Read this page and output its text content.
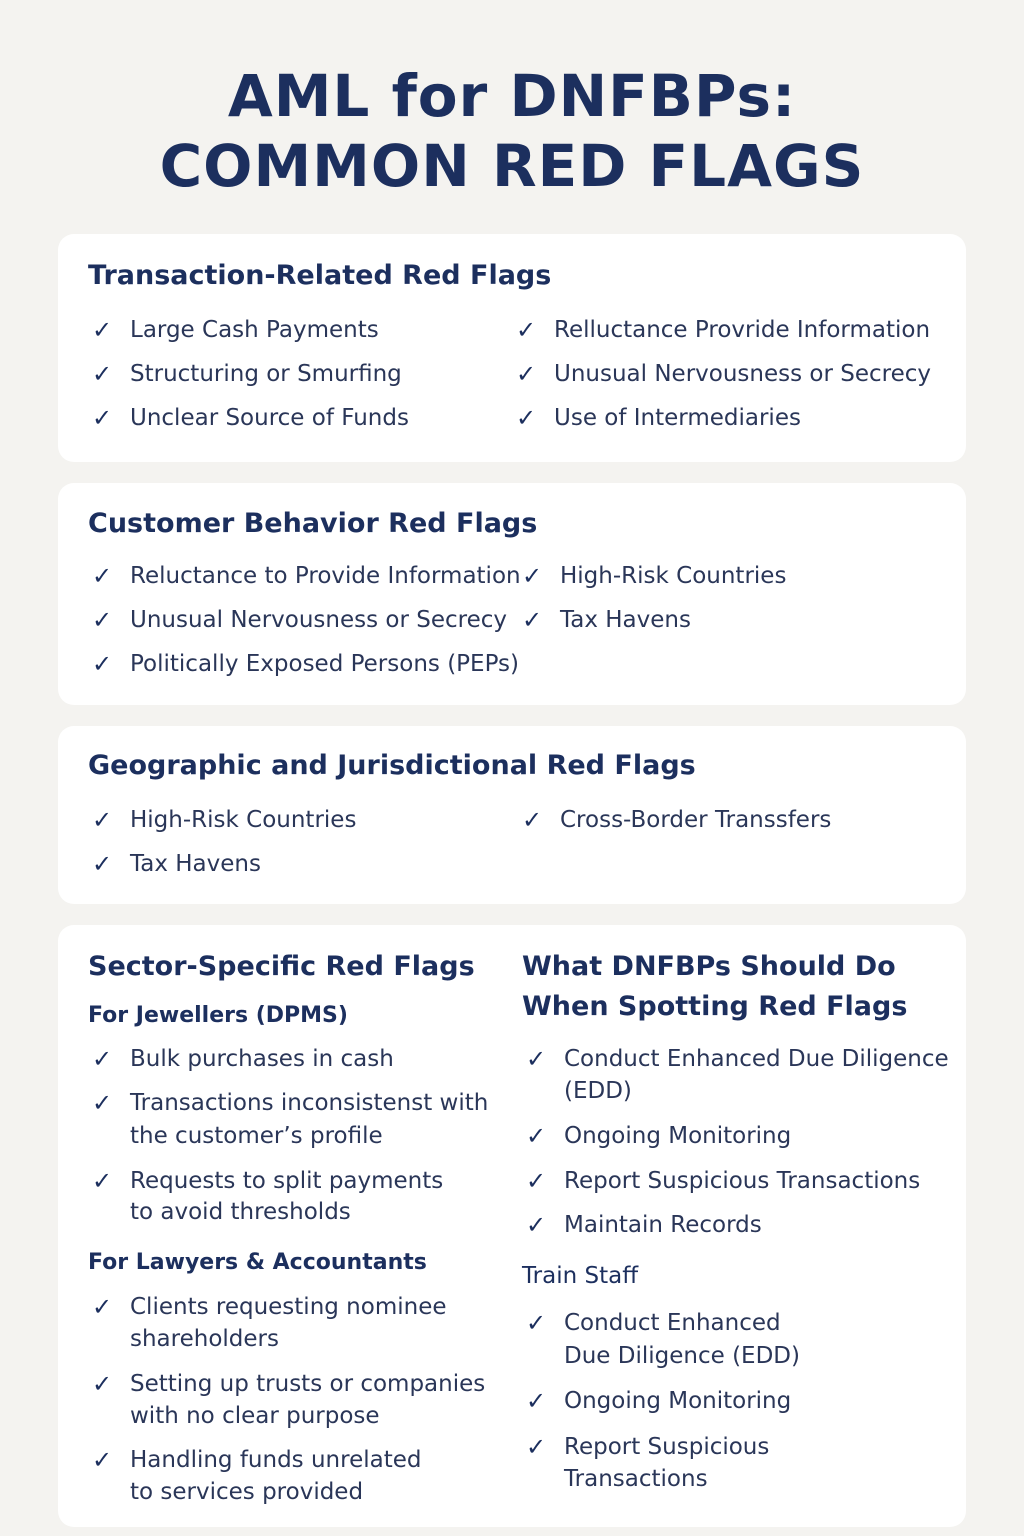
AML for DNFBPs:
COMMON RED FLAGS
Transaction-Related Red Flags
✓ Large Cash Payments
✓ Structuring or Smurfing
✓ Unclear Source of Funds
✓ Relluctance Provride Information
✓ Unusual Nervousness or Secrecy
✓ Use of Intermediaries
Customer Behavior Red Flags
✓ Reluctance to Provide Information
✓ Unusual Nervousness or Secrecy
✓ Politically Exposed Persons (PEPs)
✓ High-Risk Countries
✓ Tax Havens
Geographic and Jurisdictional Red Flags
✓ High-Risk Countries
✓ Tax Havens
✓ Cross-Border Transsfers
Sector-Specific Red Flags
For Jewellers (DPMS)
✓ Bulk purchases in cash
✓ Transactions inconsistenst with
the customer’s profile
✓ Requests to split payments
to avoid thresholds
For Lawyers & Accountants
✓ Clients requesting nominee
shareholders
✓ Setting up trusts or companies
with no clear purpose
✓ Handling funds unrelated
to services provided
What DNFBPs Should Do
When Spotting Red Flags
✓ Conduct Enhanced Due Diligence
(EDD)
✓ Ongoing Monitoring
✓ Report Suspicious Transactions
✓ Maintain Records
Train Staff
✓ Conduct Enhanced
Due Diligence (EDD)
✓ Ongoing Monitoring
✓ Report Suspicious
Transactions
